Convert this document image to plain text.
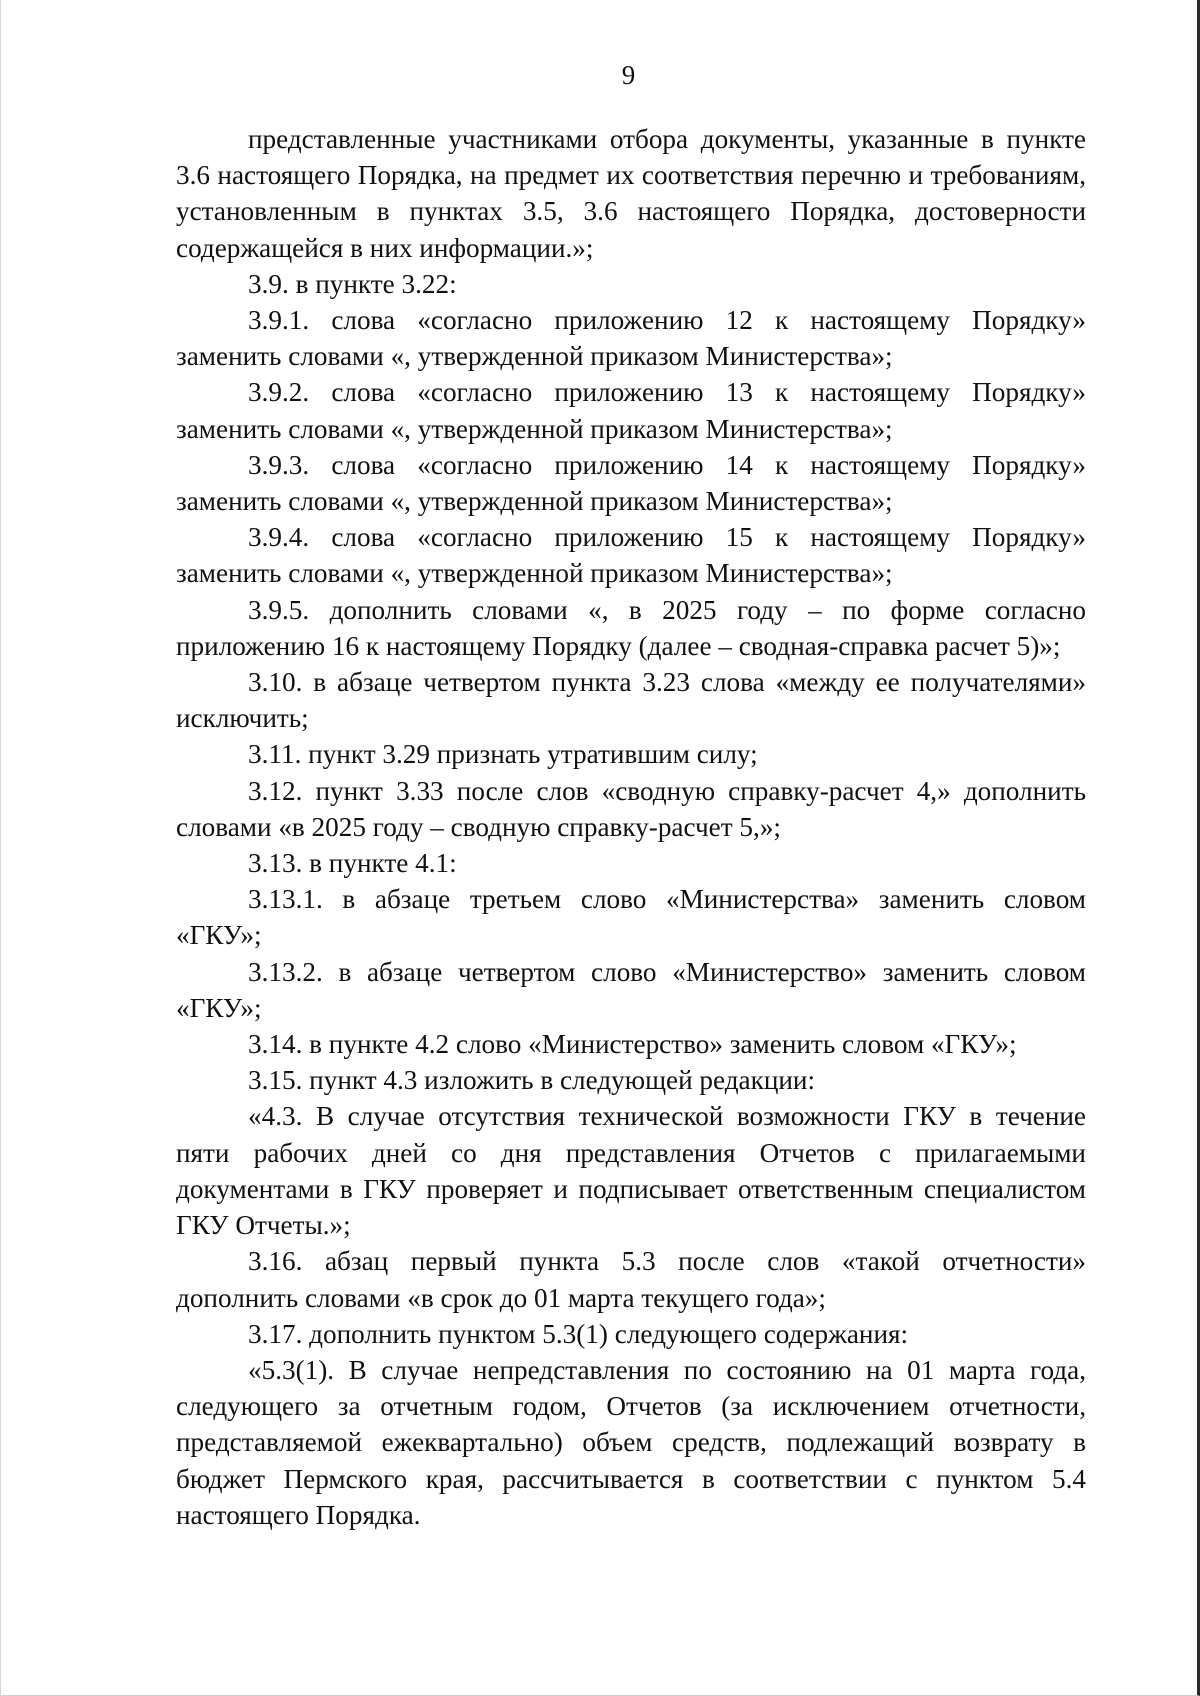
9

представленные участниками отбора документы, указанные в пункте 3.6 настоящего Порядка, на предмет их соответствия перечню и требованиям, установленным в пунктах 3.5, 3.6 настоящего Порядка, достоверности содержащейся в них информации.»;

3.9. в пункте 3.22:

3.9.1. слова «согласно приложению 12 к настоящему Порядку» заменить словами «, утвержденной приказом Министерства»;

3.9.2. слова «согласно приложению 13 к настоящему Порядку» заменить словами «, утвержденной приказом Министерства»;

3.9.3. слова «согласно приложению 14 к настоящему Порядку» заменить словами «, утвержденной приказом Министерства»;

3.9.4. слова «согласно приложению 15 к настоящему Порядку» заменить словами «, утвержденной приказом Министерства»;

3.9.5. дополнить словами «, в 2025 году – по форме согласно приложению 16 к настоящему Порядку (далее – сводная-справка расчет 5)»;

3.10. в абзаце четвертом пункта 3.23 слова «между ее получателями» исключить;

3.11. пункт 3.29 признать утратившим силу;

3.12. пункт 3.33 после слов «сводную справку-расчет 4,» дополнить словами «в 2025 году – сводную справку-расчет 5,»;

3.13. в пункте 4.1:

3.13.1. в абзаце третьем слово «Министерства» заменить словом «ГКУ»;

3.13.2. в абзаце четвертом слово «Министерство» заменить словом «ГКУ»;

3.14. в пункте 4.2 слово «Министерство» заменить словом «ГКУ»;

3.15. пункт 4.3 изложить в следующей редакции:

«4.3. В случае отсутствия технической возможности ГКУ в течение пяти рабочих дней со дня представления Отчетов с прилагаемыми документами в ГКУ проверяет и подписывает ответственным специалистом ГКУ Отчеты.»;

3.16. абзац первый пункта 5.3 после слов «такой отчетности» дополнить словами «в срок до 01 марта текущего года»;

3.17. дополнить пунктом 5.3(1) следующего содержания:

«5.3(1). В случае непредставления по состоянию на 01 марта года, следующего за отчетным годом, Отчетов (за исключением отчетности, представляемой ежеквартально) объем средств, подлежащий возврату в бюджет Пермского края, рассчитывается в соответствии с пунктом 5.4 настоящего Порядка.
